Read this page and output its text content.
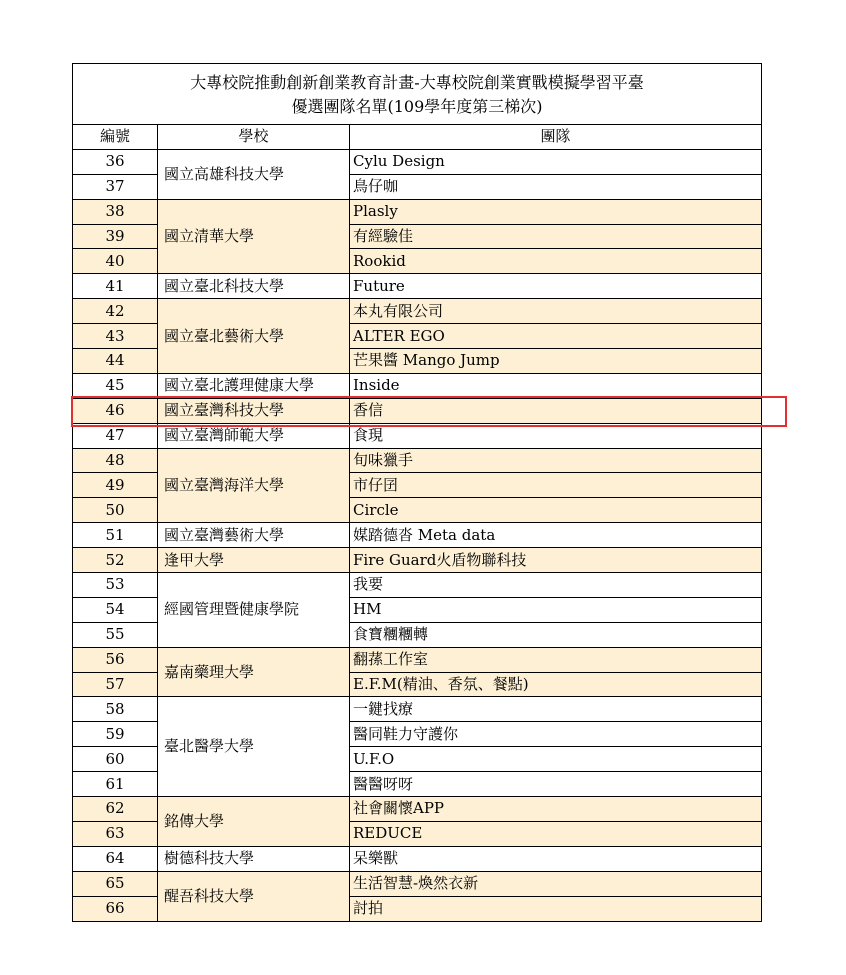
大專校院推動創新創業教育計畫-大專校院創業實戰模擬學習平臺
優選團隊名單(109學年度第三梯次)		

編號	學校	團隊
36	國立高雄科技大學	Cylu Design
37		鳥仔咖
38	國立清華大學	Plasly
39		有經驗佳
40		Rookid
41	國立臺北科技大學	Future
42	國立臺北藝術大學	本丸有限公司
43		ALTER EGO
44		芒果醬 Mango Jump
45	國立臺北護理健康大學	Inside
46	國立臺灣科技大學	香信
47	國立臺灣師範大學	食現
48	國立臺灣海洋大學	旬味獵手
49		市仔囝
50		Circle
51	國立臺灣藝術大學	媒踏德沓 Meta data
52	逢甲大學	Fire Guard火盾物聯科技
53	經國管理暨健康學院	我要
54		HM
55		食寶糰糰轉
56	嘉南藥理大學	翻蓀工作室
57		E.F.M(精油、香氛、餐點)
58	臺北醫學大學	一鍵找療
59		醫同鞋力守護你
60		U.F.O
61		醫醫呀呀
62	銘傳大學	社會關懷APP
63		REDUCE
64	樹德科技大學	呆樂獸
65	醒吾科技大學	生活智慧-煥然衣新
66		討拍
